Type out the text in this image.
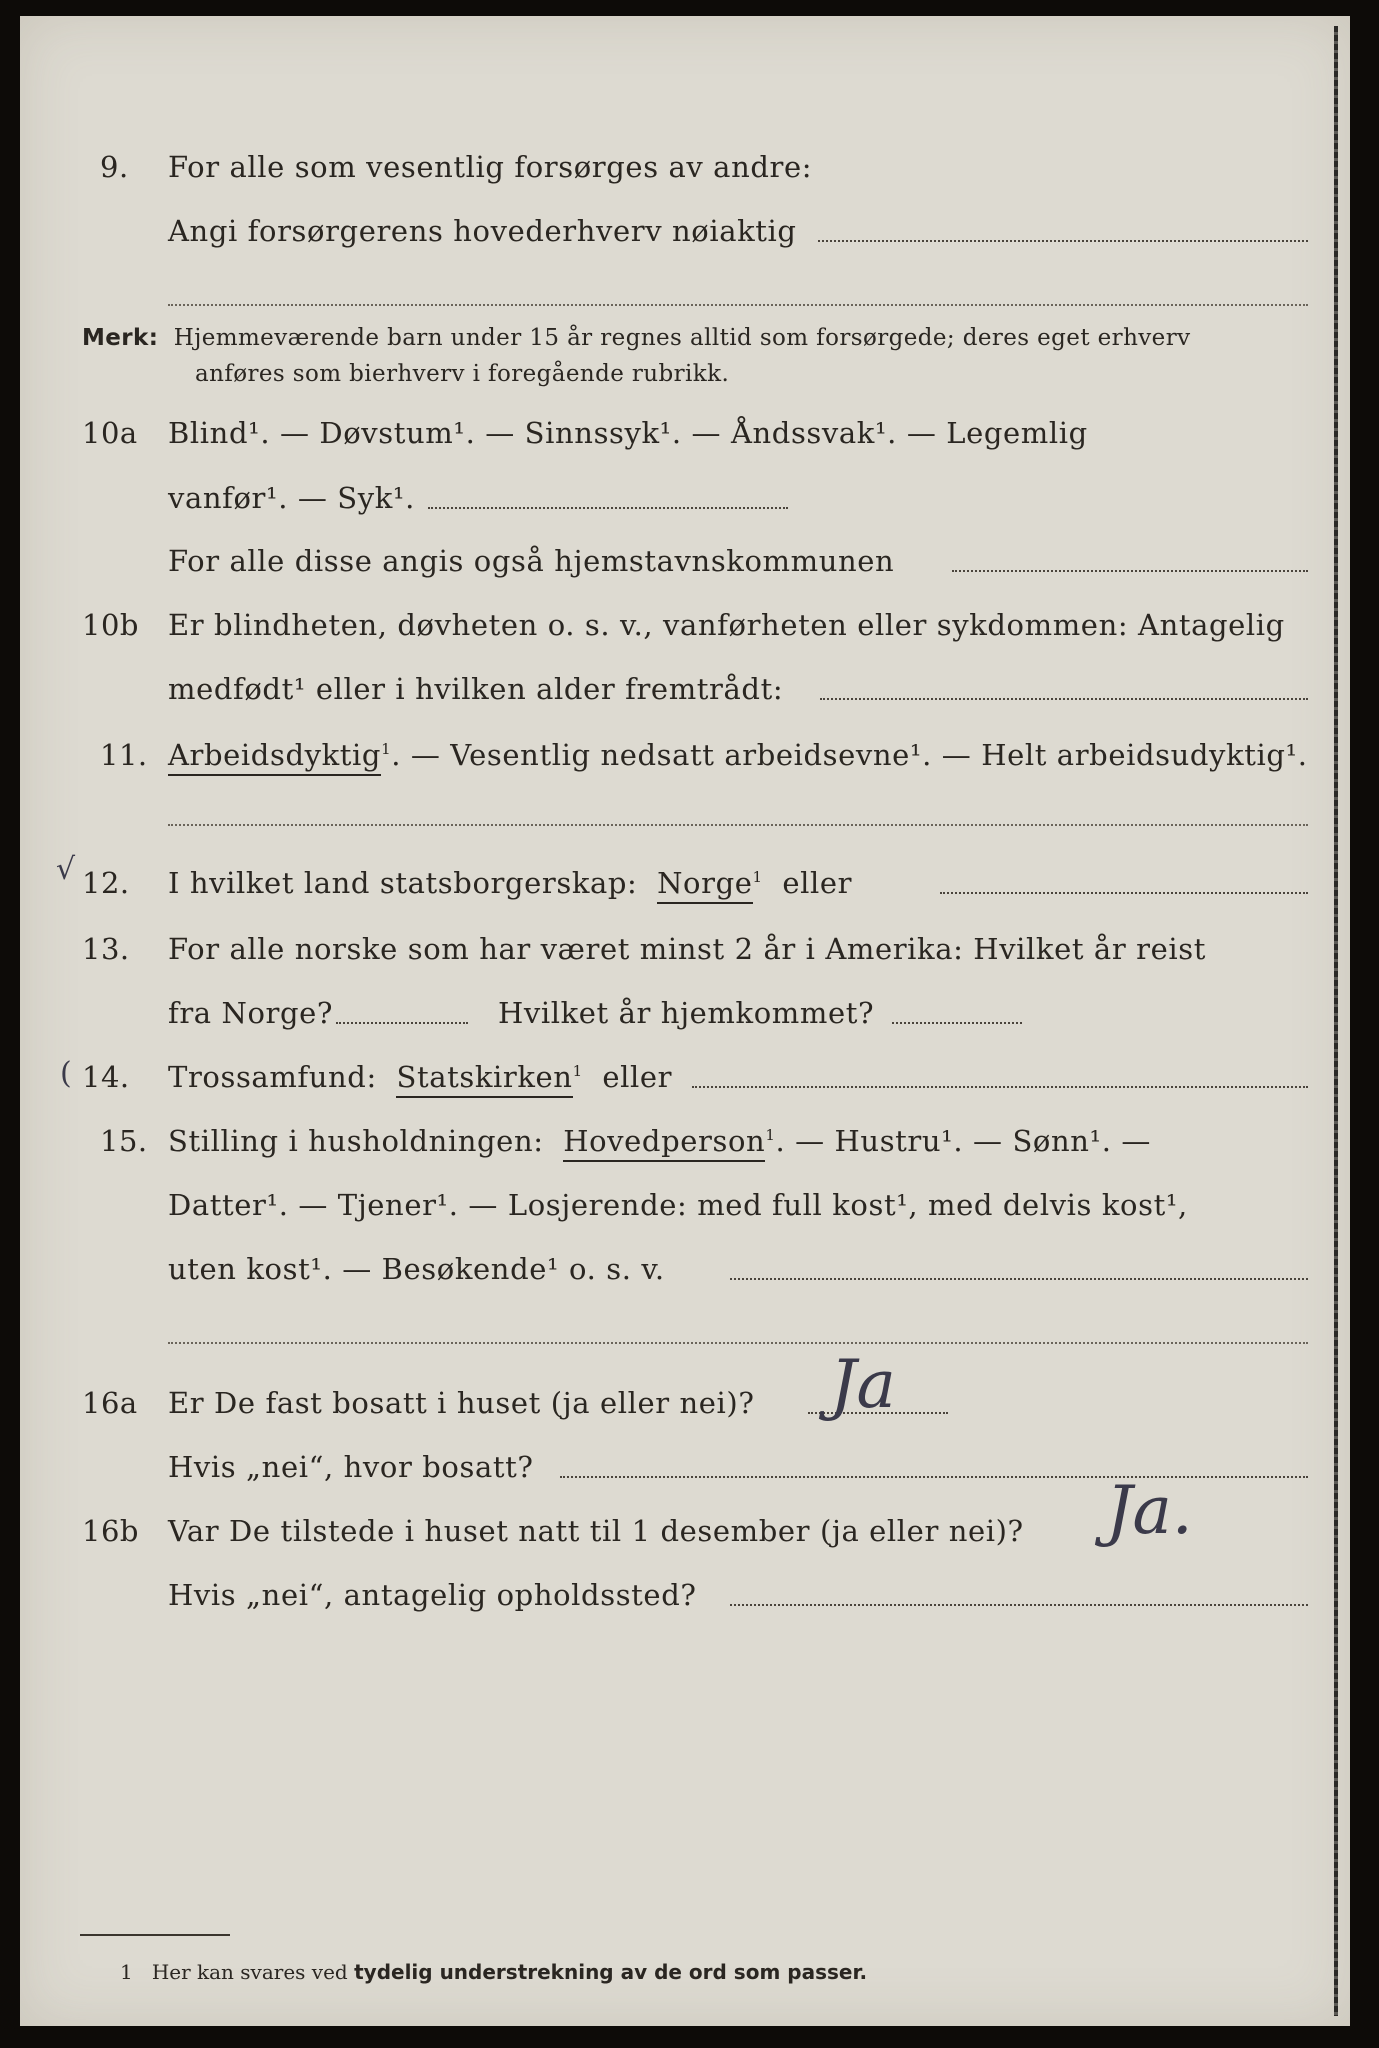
9. For alle som vesentlig forsørges av andre:
Angi forsørgerens hovederhverv nøiaktig
Merk: Hjemmeværende barn under 15 år regnes alltid som forsørgede; deres eget erhverv
anføres som bierhverv i foregående rubrikk.
10a Blind¹. — Døvstum¹. — Sinnssyk¹. — Åndssvak¹. — Legemlig
vanfør¹. — Syk¹.
For alle disse angis også hjemstavnskommunen
10b Er blindheten, døvheten o. s. v., vanførheten eller sykdommen: Antagelig
medfødt¹ eller i hvilken alder fremtrådt:
11. Arbeidsdyktig$^1$. — Vesentlig nedsatt arbeidsevne¹. — Helt arbeidsudyktig¹.
√ 12. I hvilket land statsborgerskap: Norge$^1$ eller
13. For alle norske som har været minst 2 år i Amerika: Hvilket år reist
fra Norge?	Hvilket år hjemkommet?
( 14. Trossamfund: Statskirken$^1$ eller
15. Stilling i husholdningen: Hovedperson$^1$. — Hustru¹. — Sønn¹. —
Datter¹. — Tjener¹. — Losjerende: med full kost¹, med delvis kost¹,
uten kost¹. — Besøkende¹ o. s. v.
16a Er De fast bosatt i huset (ja eller nei)? Ja
Hvis „nei“, hvor bosatt?
16b Var De tilstede i huset natt til 1 desember (ja eller nei)? Ja.
Hvis „nei“, antagelig opholdssted?
1 Her kan svares ved tydelig understrekning av de ord som passer.
